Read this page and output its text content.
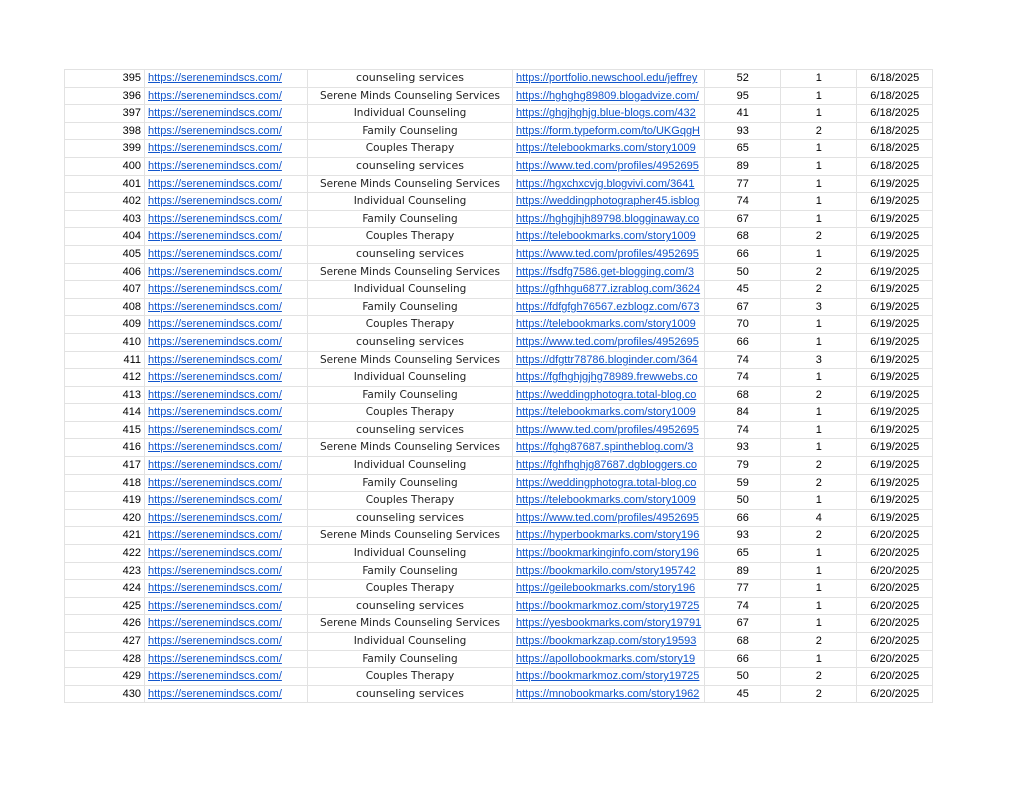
395	https://serenemindscs.com/	counseling services	https://portfolio.newschool.edu/jeffrey	52	1	6/18/2025
396	https://serenemindscs.com/	Serene Minds Counseling Services	https://hghghg89809.blogadvize.com/	95	1	6/18/2025
397	https://serenemindscs.com/	Individual Counseling	https://ghgjhghjg.blue-blogs.com/432	41	1	6/18/2025
398	https://serenemindscs.com/	Family Counseling	https://form.typeform.com/to/UKGqgH	93	2	6/18/2025
399	https://serenemindscs.com/	Couples Therapy	https://telebookmarks.com/story1009	65	1	6/18/2025
400	https://serenemindscs.com/	counseling services	https://www.ted.com/profiles/4952695	89	1	6/18/2025
401	https://serenemindscs.com/	Serene Minds Counseling Services	https://hgxchxcvjg.blogvivi.com/3641	77	1	6/19/2025
402	https://serenemindscs.com/	Individual Counseling	https://weddingphotographer45.isblog	74	1	6/19/2025
403	https://serenemindscs.com/	Family Counseling	https://hghgjhjh89798.blogginaway.co	67	1	6/19/2025
404	https://serenemindscs.com/	Couples Therapy	https://telebookmarks.com/story1009	68	2	6/19/2025
405	https://serenemindscs.com/	counseling services	https://www.ted.com/profiles/4952695	66	1	6/19/2025
406	https://serenemindscs.com/	Serene Minds Counseling Services	https://fsdfg7586.get-blogging.com/3	50	2	6/19/2025
407	https://serenemindscs.com/	Individual Counseling	https://gfhhgu6877.izrablog.com/3624	45	2	6/19/2025
408	https://serenemindscs.com/	Family Counseling	https://fdfgfgh76567.ezblogz.com/673	67	3	6/19/2025
409	https://serenemindscs.com/	Couples Therapy	https://telebookmarks.com/story1009	70	1	6/19/2025
410	https://serenemindscs.com/	counseling services	https://www.ted.com/profiles/4952695	66	1	6/19/2025
411	https://serenemindscs.com/	Serene Minds Counseling Services	https://dfgttr78786.bloginder.com/364	74	3	6/19/2025
412	https://serenemindscs.com/	Individual Counseling	https://fgfhghjgjhg78989.frewwebs.co	74	1	6/19/2025
413	https://serenemindscs.com/	Family Counseling	https://weddingphotogra.total-blog.co	68	2	6/19/2025
414	https://serenemindscs.com/	Couples Therapy	https://telebookmarks.com/story1009	84	1	6/19/2025
415	https://serenemindscs.com/	counseling services	https://www.ted.com/profiles/4952695	74	1	6/19/2025
416	https://serenemindscs.com/	Serene Minds Counseling Services	https://fghg87687.spintheblog.com/3	93	1	6/19/2025
417	https://serenemindscs.com/	Individual Counseling	https://fghfhghjg87687.dgbloggers.co	79	2	6/19/2025
418	https://serenemindscs.com/	Family Counseling	https://weddingphotogra.total-blog.co	59	2	6/19/2025
419	https://serenemindscs.com/	Couples Therapy	https://telebookmarks.com/story1009	50	1	6/19/2025
420	https://serenemindscs.com/	counseling services	https://www.ted.com/profiles/4952695	66	4	6/19/2025
421	https://serenemindscs.com/	Serene Minds Counseling Services	https://hyperbookmarks.com/story196	93	2	6/20/2025
422	https://serenemindscs.com/	Individual Counseling	https://bookmarkinginfo.com/story196	65	1	6/20/2025
423	https://serenemindscs.com/	Family Counseling	https://bookmarkilo.com/story195742	89	1	6/20/2025
424	https://serenemindscs.com/	Couples Therapy	https://geilebookmarks.com/story196	77	1	6/20/2025
425	https://serenemindscs.com/	counseling services	https://bookmarkmoz.com/story19725	74	1	6/20/2025
426	https://serenemindscs.com/	Serene Minds Counseling Services	https://yesbookmarks.com/story19791	67	1	6/20/2025
427	https://serenemindscs.com/	Individual Counseling	https://bookmarkzap.com/story19593	68	2	6/20/2025
428	https://serenemindscs.com/	Family Counseling	https://apollobookmarks.com/story19	66	1	6/20/2025
429	https://serenemindscs.com/	Couples Therapy	https://bookmarkmoz.com/story19725	50	2	6/20/2025
430	https://serenemindscs.com/	counseling services	https://mnobookmarks.com/story1962	45	2	6/20/2025
